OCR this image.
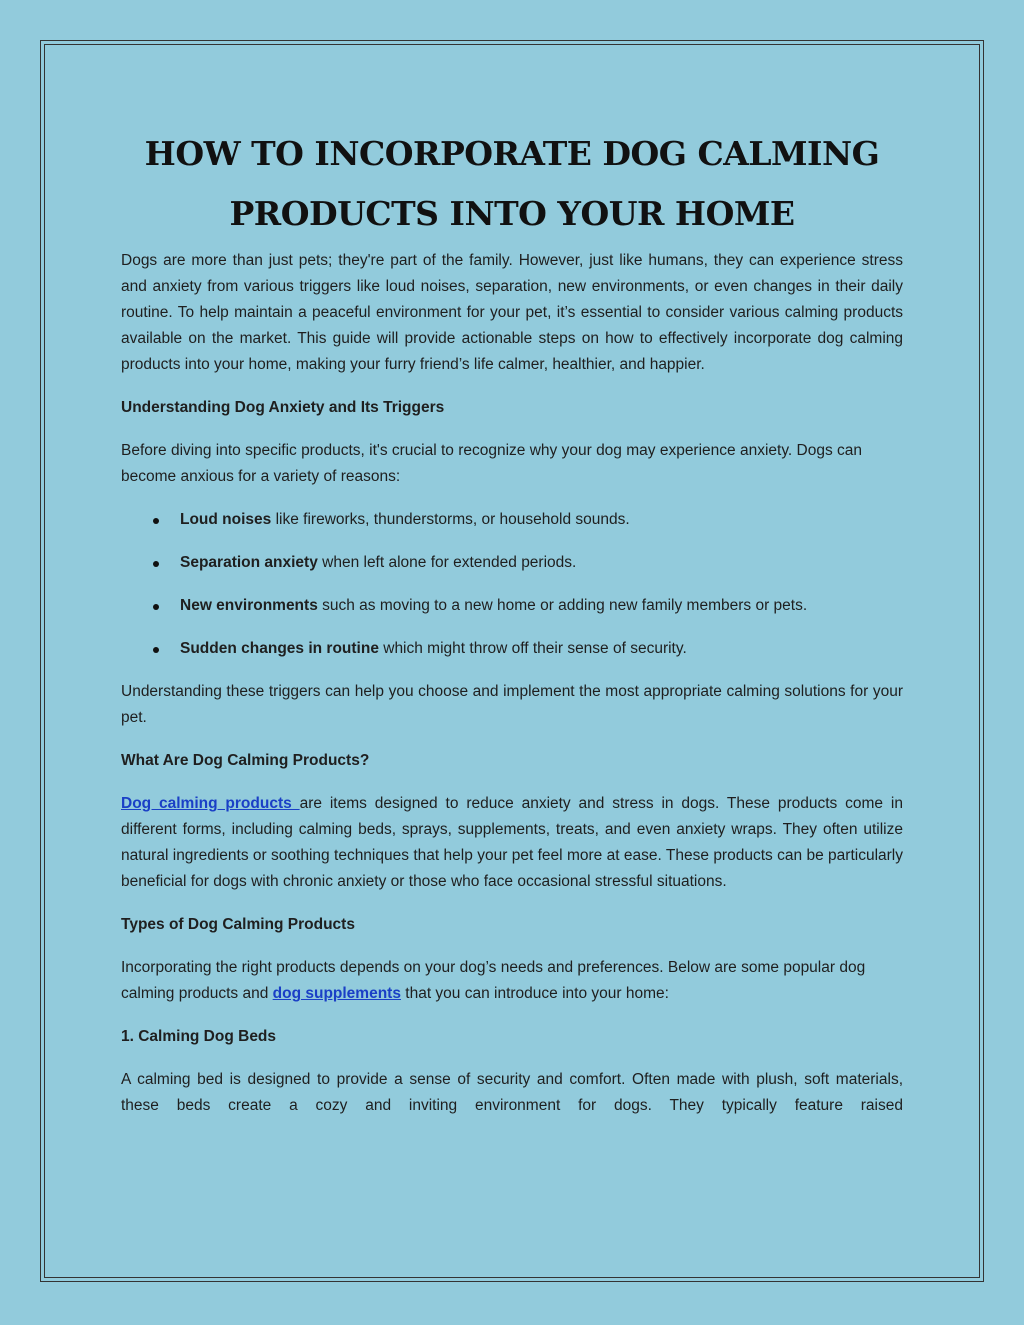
HOW TO INCORPORATE DOG CALMING
PRODUCTS INTO YOUR HOME

Dogs are more than just pets; they're part of the family. However, just like humans, they can experience stress and anxiety from various triggers like loud noises, separation, new environments, or even changes in their daily routine. To help maintain a peaceful environment for your pet, it’s essential to consider various calming products available on the market. This guide will provide actionable steps on how to effectively incorporate dog calming products into your home, making your furry friend’s life calmer, healthier, and happier.

Understanding Dog Anxiety and Its Triggers

Before diving into specific products, it's crucial to recognize why your dog may experience anxiety. Dogs can become anxious for a variety of reasons:

Loud noises like fireworks, thunderstorms, or household sounds.
Separation anxiety when left alone for extended periods.
New environments such as moving to a new home or adding new family members or pets.
Sudden changes in routine which might throw off their sense of security.

Understanding these triggers can help you choose and implement the most appropriate calming solutions for your pet.

What Are Dog Calming Products?

Dog calming products are items designed to reduce anxiety and stress in dogs. These products come in different forms, including calming beds, sprays, supplements, treats, and even anxiety wraps. They often utilize natural ingredients or soothing techniques that help your pet feel more at ease. These products can be particularly beneficial for dogs with chronic anxiety or those who face occasional stressful situations.

Types of Dog Calming Products

Incorporating the right products depends on your dog’s needs and preferences. Below are some popular dog calming products and dog supplements that you can introduce into your home:

1. Calming Dog Beds

A calming bed is designed to provide a sense of security and comfort. Often made with plush, soft materials, these beds create a cozy and inviting environment for dogs. They typically feature raised
